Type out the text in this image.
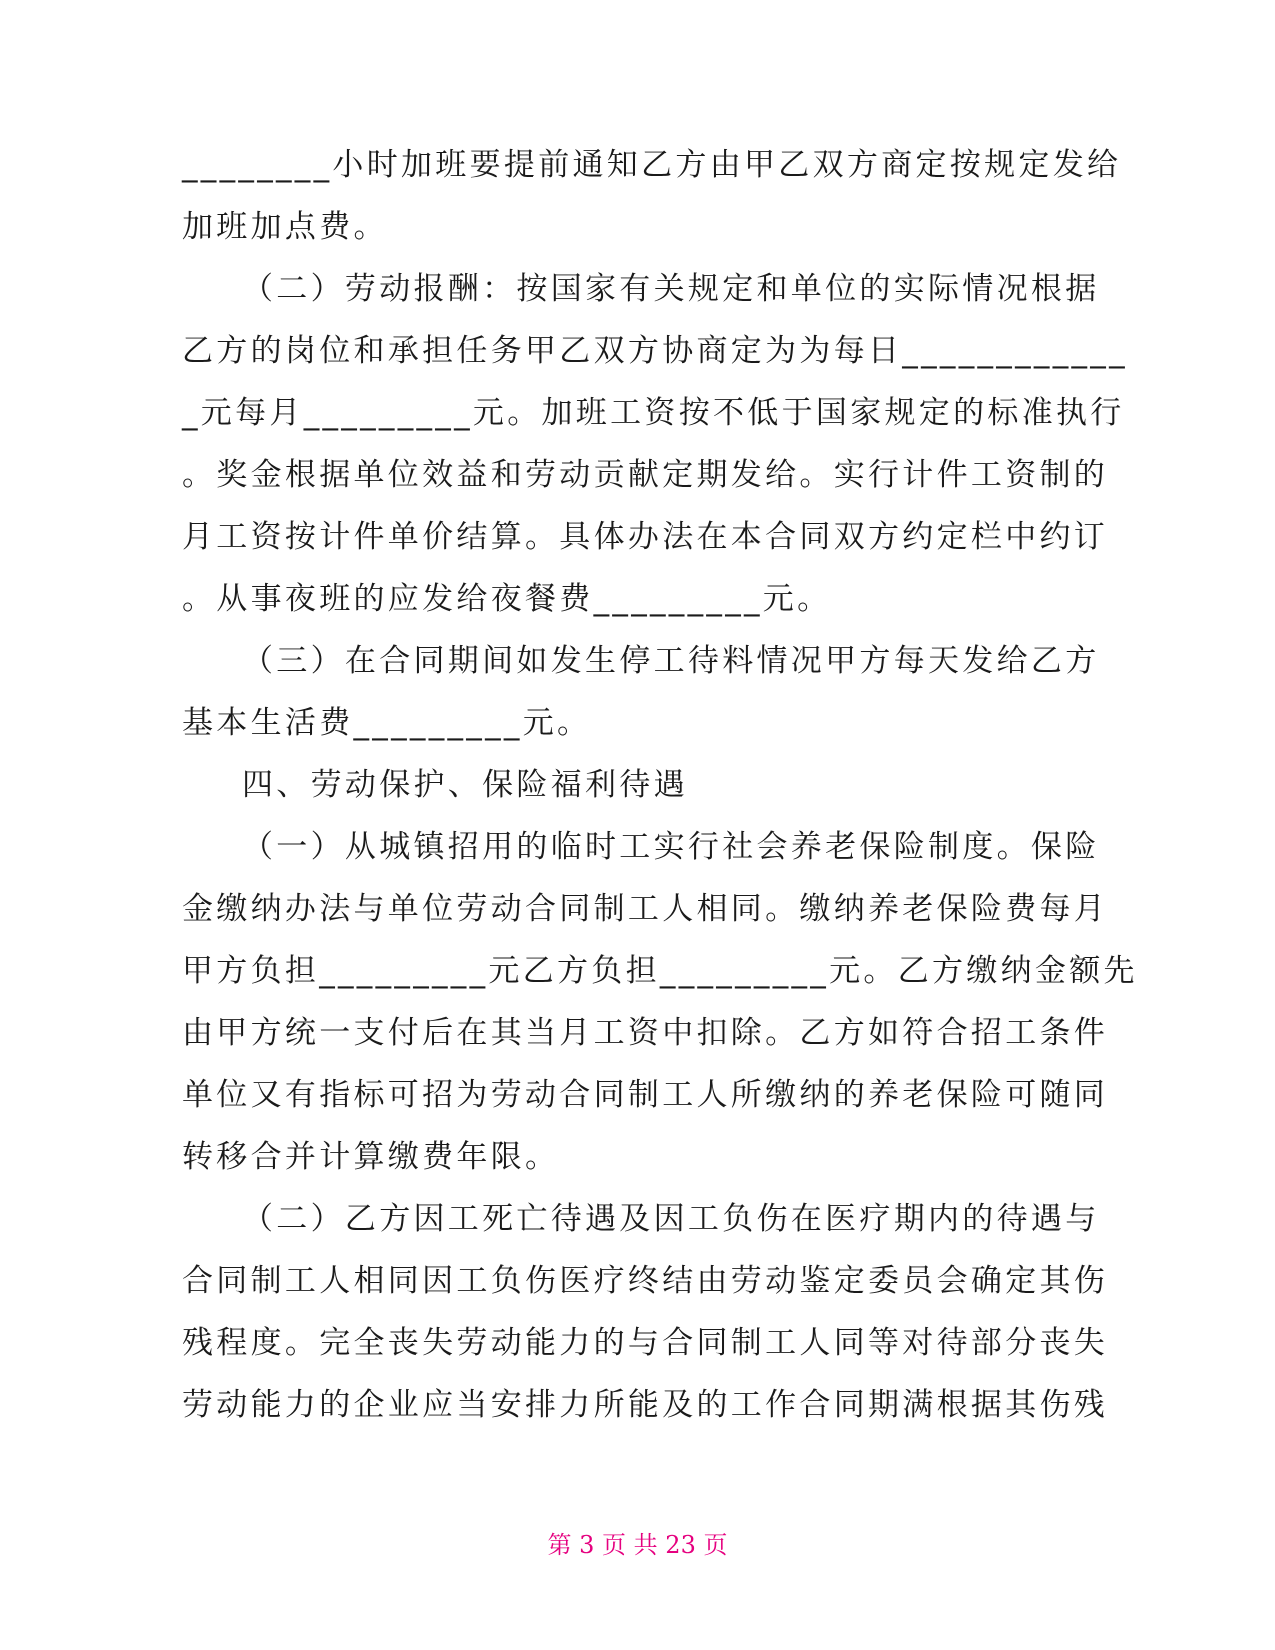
________小时加班要提前通知乙方由甲乙双方商定按规定发给

加班加点费。

（二）劳动报酬：按国家有关规定和单位的实际情况根据

乙方的岗位和承担任务甲乙双方协商定为为每日____________

_元每月_________元。加班工资按不低于国家规定的标准执行

。奖金根据单位效益和劳动贡献定期发给。实行计件工资制的

月工资按计件单价结算。具体办法在本合同双方约定栏中约订

。从事夜班的应发给夜餐费_________元。

（三）在合同期间如发生停工待料情况甲方每天发给乙方

基本生活费_________元。

四、劳动保护、保险福利待遇

（一）从城镇招用的临时工实行社会养老保险制度。保险

金缴纳办法与单位劳动合同制工人相同。缴纳养老保险费每月

甲方负担_________元乙方负担_________元。乙方缴纳金额先

由甲方统一支付后在其当月工资中扣除。乙方如符合招工条件

单位又有指标可招为劳动合同制工人所缴纳的养老保险可随同

转移合并计算缴费年限。

（二）乙方因工死亡待遇及因工负伤在医疗期内的待遇与

合同制工人相同因工负伤医疗终结由劳动鉴定委员会确定其伤

残程度。完全丧失劳动能力的与合同制工人同等对待部分丧失

劳动能力的企业应当安排力所能及的工作合同期满根据其伤残

第 3 页 共 23 页
